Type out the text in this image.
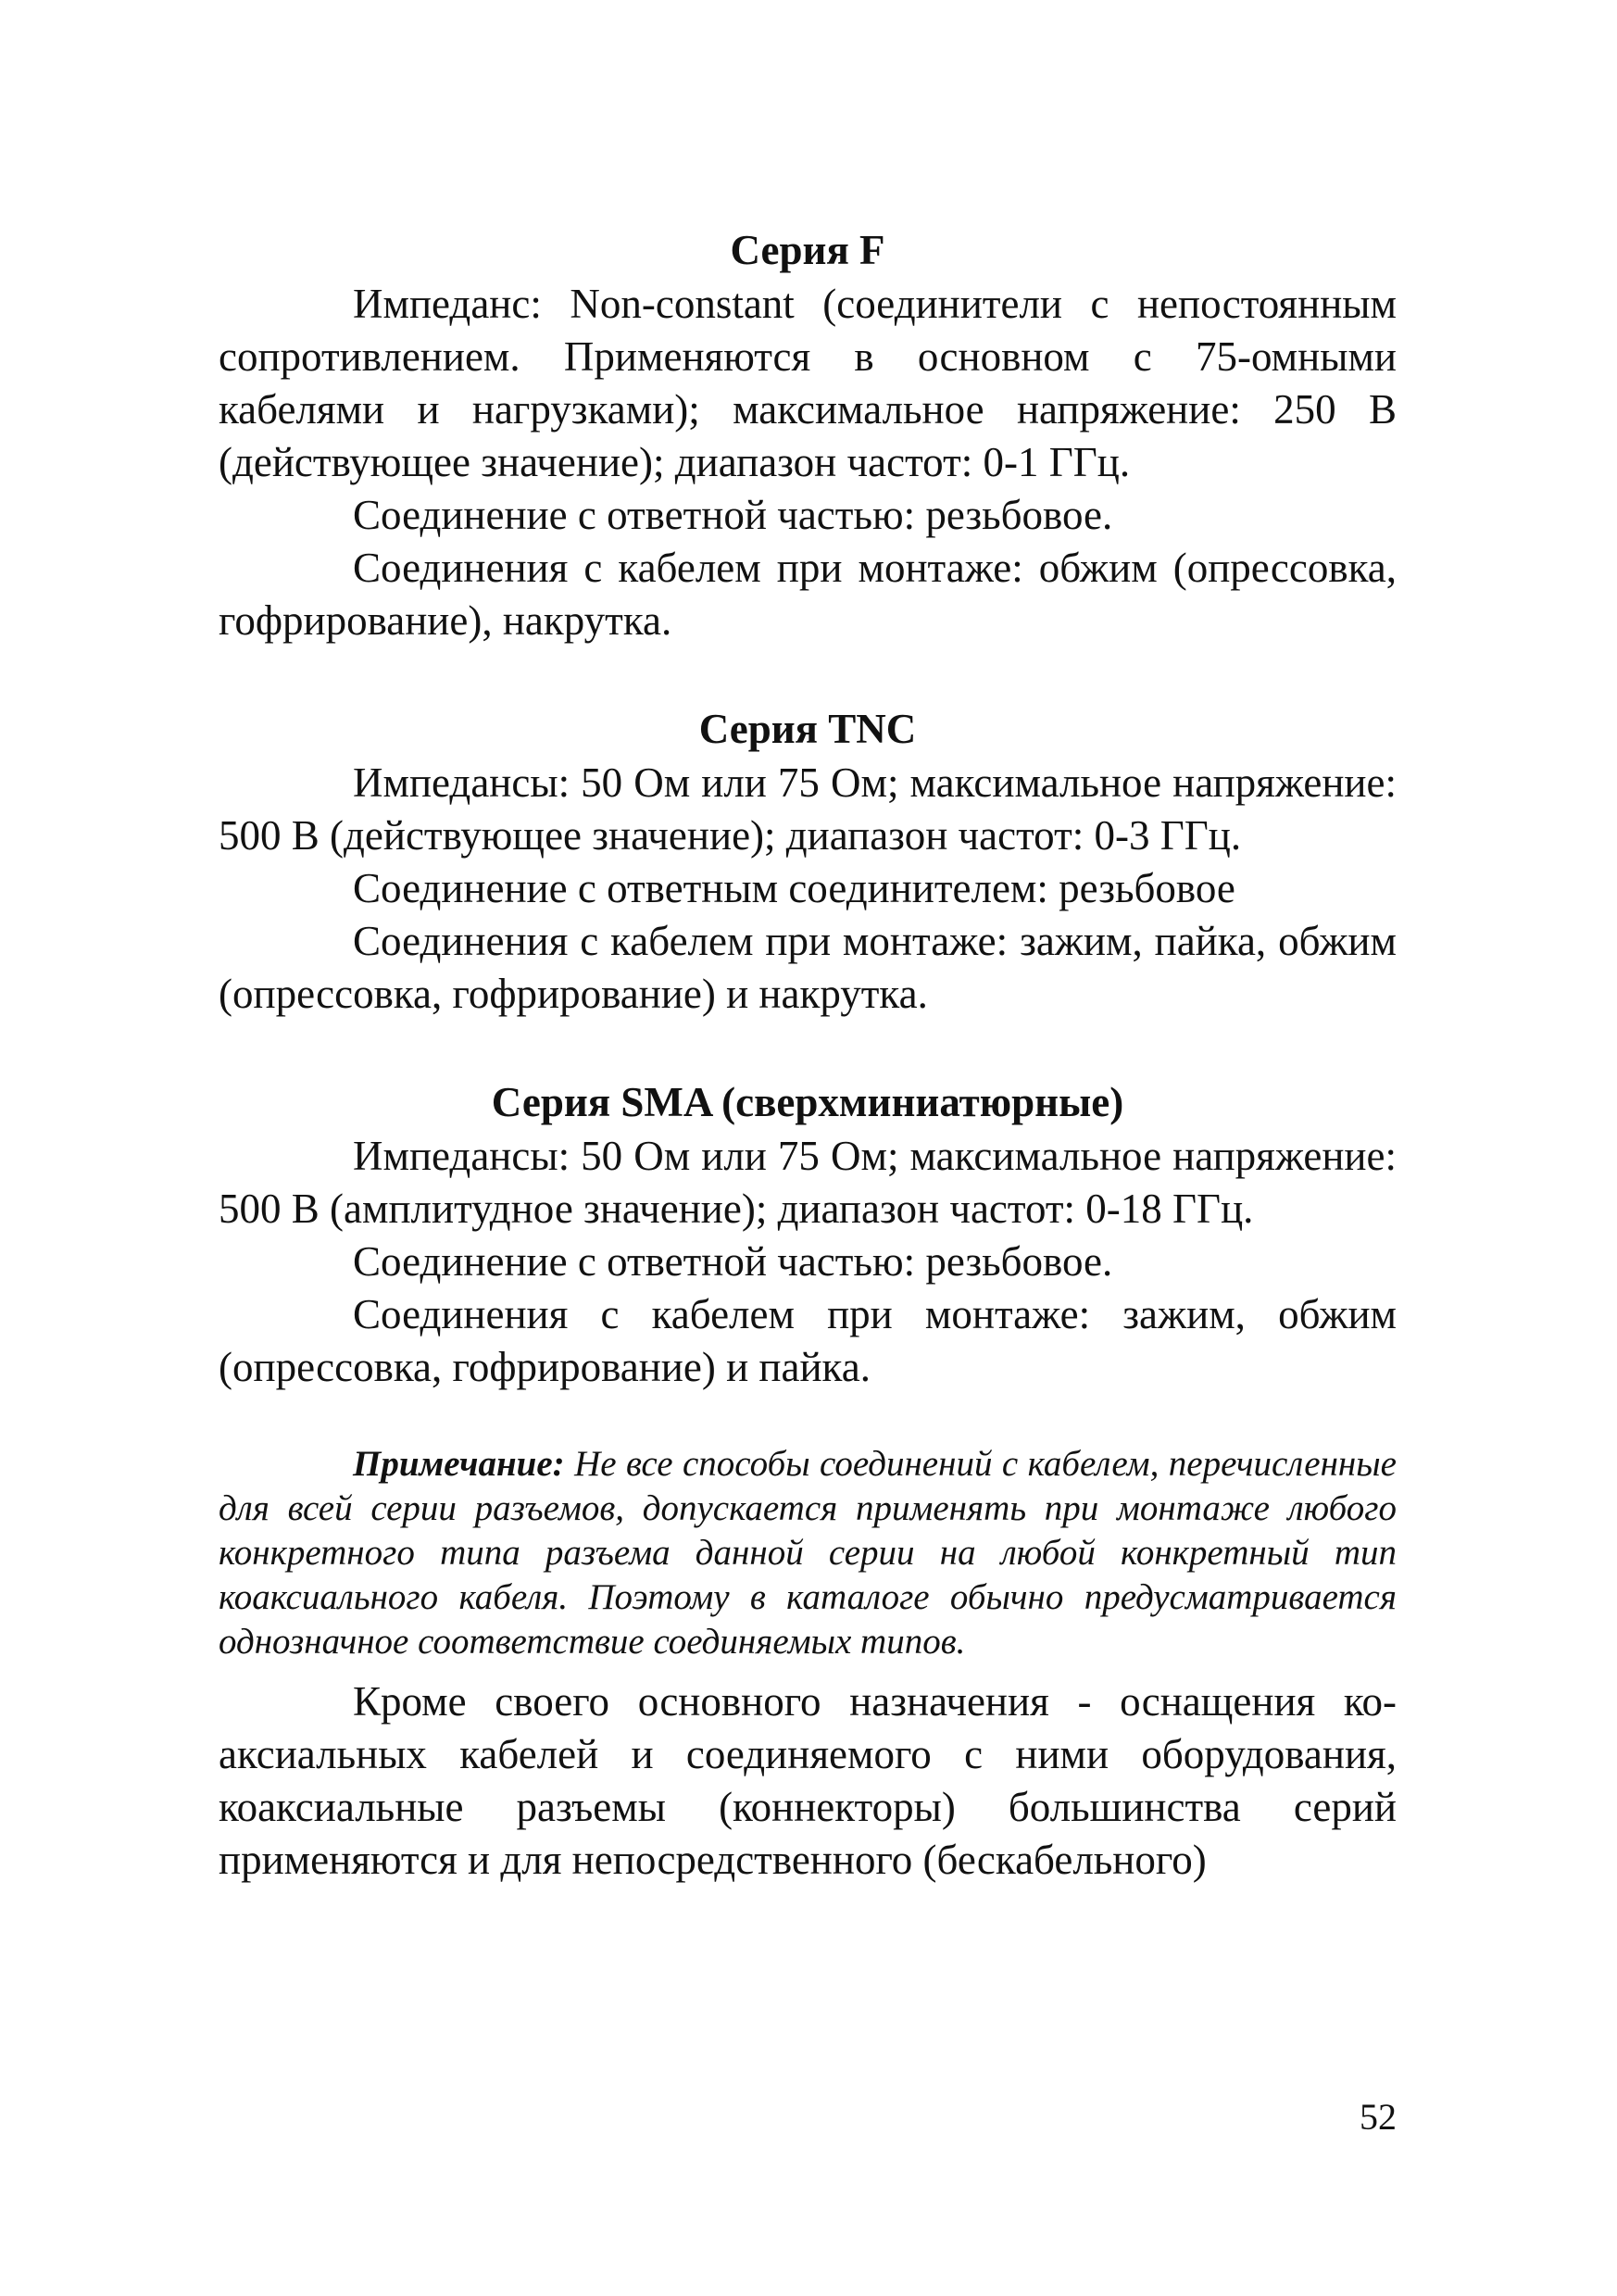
Серия F

Импеданс: Non-constant (соединители с непостоянным сопротивлением. Применяются в основном с 75-омными кабелями и нагрузками); максимальное напряжение: 250 В (действующее значение); диапазон частот: 0-1 ГГц.

Соединение с ответной частью: резьбовое.

Соединения с кабелем при монтаже: обжим (опрессовка, гофрирование), накрутка.

Серия TNC

Импедансы: 50 Ом или 75 Ом; максимальное напряжение: 500 В (действующее значение); диапазон частот: 0-3 ГГц.

Соединение с ответным соединителем: резьбовое

Соединения с кабелем при монтаже: зажим, пайка, обжим (опрессовка, гофрирование) и накрутка.

Серия SMA (сверхминиатюрные)

Импедансы: 50 Ом или 75 Ом; максимальное напряжение: 500 В (амплитудное значение); диапазон частот: 0-18 ГГц.

Соединение с ответной частью: резьбовое.

Соединения с кабелем при монтаже: зажим, обжим (опрессовка, гофрирование) и пайка.

Примечание: Не все способы соединений с кабелем, перечисленные для всей серии разъемов, допускается применять при монтаже любого конкретного типа разъема данной серии на любой конкретный тип коаксиального кабеля. Поэтому в каталоге обычно предусматривается однозначное соответствие соединяемых типов.

Кроме своего основного назначения - оснащения коаксиальных кабелей и соединяемого с ними оборудования, коаксиальные разъемы (коннекторы) большинства серий применяются и для непосредственного (бескабельного)

52
